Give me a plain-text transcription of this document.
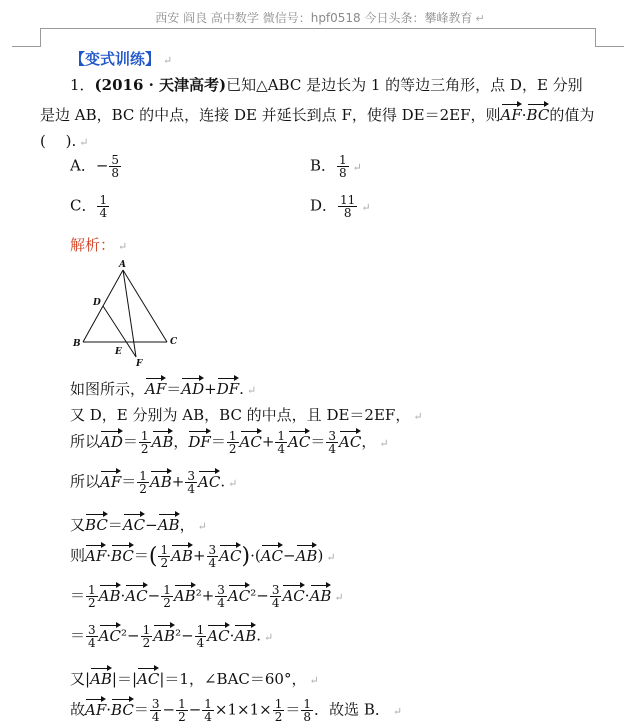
西安 阎良 高中数学 微信号：hpf0518 今日头条：攀峰教育 ↵
【变式训练】 ↵
1．(2016 · 天津高考)已知△ABC 是边长为 1 的等边三角形，点 D，E 分别
是边 AB，BC 的中点，连接 DE 并延长到点 F，使得 DE＝2EF，则AF·BC的值为
(　 ). ↵
A．− $\frac{5}{8}$	B． $\frac{1}{8}$ ↵
C． $\frac{1}{4}$	D． $\frac{11}{8}$ ↵
解析： ↵
A
B	C
D
E
F
如图所示，AF＝AD+DF. ↵
又 D，E 分别为 AB，BC 的中点，且 DE＝2EF， ↵
所以$AD= \frac{1}{2}$ AB，$DF= \frac{1}{2} AC+ \frac{1}{4} AC= \frac{3}{4}$ AC， ↵
所以$AF= \frac{1}{2} AB+ \frac{3}{4}$ AC. ↵
又BC＝AC−AB， ↵
则$AF\cdot BC=( \frac{1}{2} AB+ \frac{3}{4} AC)\cdot(AC-AB)$ ↵
＝ $\frac{1}{2} AB\cdot AC- \frac{1}{2} AB^2+ \frac{3}{4} AC^2- \frac{3}{4} AC\cdot AB$ ↵
＝ $\frac{3}{4} AC^2- \frac{1}{2} AB^2- \frac{1}{4} AC\cdot AB$. ↵
又|AB|＝|AC|＝1，∠BAC＝60°， ↵
故$AF\cdot BC= \frac{3}{4} - \frac{1}{2} - \frac{1}{4} \times 1\times 1\times \frac{1}{2} = \frac{1}{8}$ ．故选 B． ↵
